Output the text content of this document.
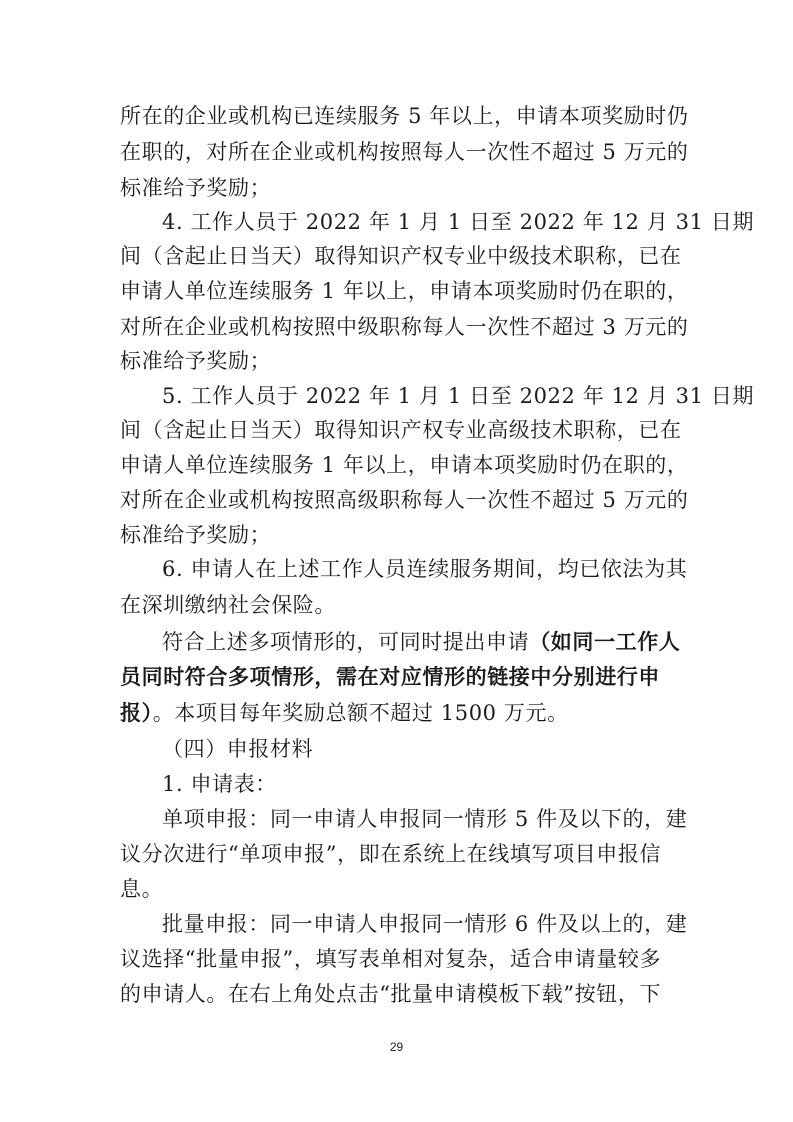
所在的企业或机构已连续服务 5 年以上，申请本项奖励时仍
在职的，对所在企业或机构按照每人一次性不超过 5 万元的
标准给予奖励；
4. 工作人员于 2022 年 1 月 1 日至 2022 年 12 月 31 日期
间（含起止日当天）取得知识产权专业中级技术职称，已在
申请人单位连续服务 1 年以上，申请本项奖励时仍在职的，
对所在企业或机构按照中级职称每人一次性不超过 3 万元的
标准给予奖励；
5. 工作人员于 2022 年 1 月 1 日至 2022 年 12 月 31 日期
间（含起止日当天）取得知识产权专业高级技术职称，已在
申请人单位连续服务 1 年以上，申请本项奖励时仍在职的，
对所在企业或机构按照高级职称每人一次性不超过 5 万元的
标准给予奖励；
6. 申请人在上述工作人员连续服务期间，均已依法为其
在深圳缴纳社会保险。
符合上述多项情形的，可同时提出申请（如同一工作人
员同时符合多项情形，需在对应情形的链接中分别进行申
报）。本项目每年奖励总额不超过 1500 万元。
（四）申报材料
1. 申请表：
单项申报：同一申请人申报同一情形 5 件及以下的，建
议分次进行“单项申报”，即在系统上在线填写项目申报信
息。
批量申报：同一申请人申报同一情形 6 件及以上的，建
议选择“批量申报”，填写表单相对复杂，适合申请量较多
的申请人。在右上角处点击“批量申请模板下载”按钮，下
29
